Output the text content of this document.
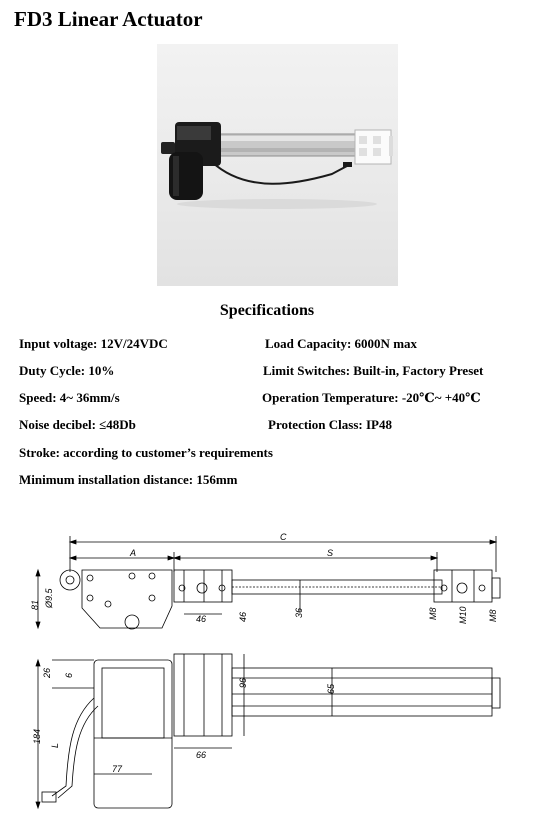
FD3 Linear Actuator
Specifications
Input voltage: 12V/24VDC	Load Capacity: 6000N max
Duty Cycle: 10%	Limit Switches: Built-in, Factory Preset
Speed: 4~ 36mm/s	Operation Temperature: -20℃~ +40℃
Noise decibel: ≤48Db	Protection Class: IP48
Stroke: according to customer’s requirements
Minimum installation distance: 156mm
C
A	S
81 Ø9.5
46	46	36	M8 M10 M8
96
65
66
77
26 6
184
L
